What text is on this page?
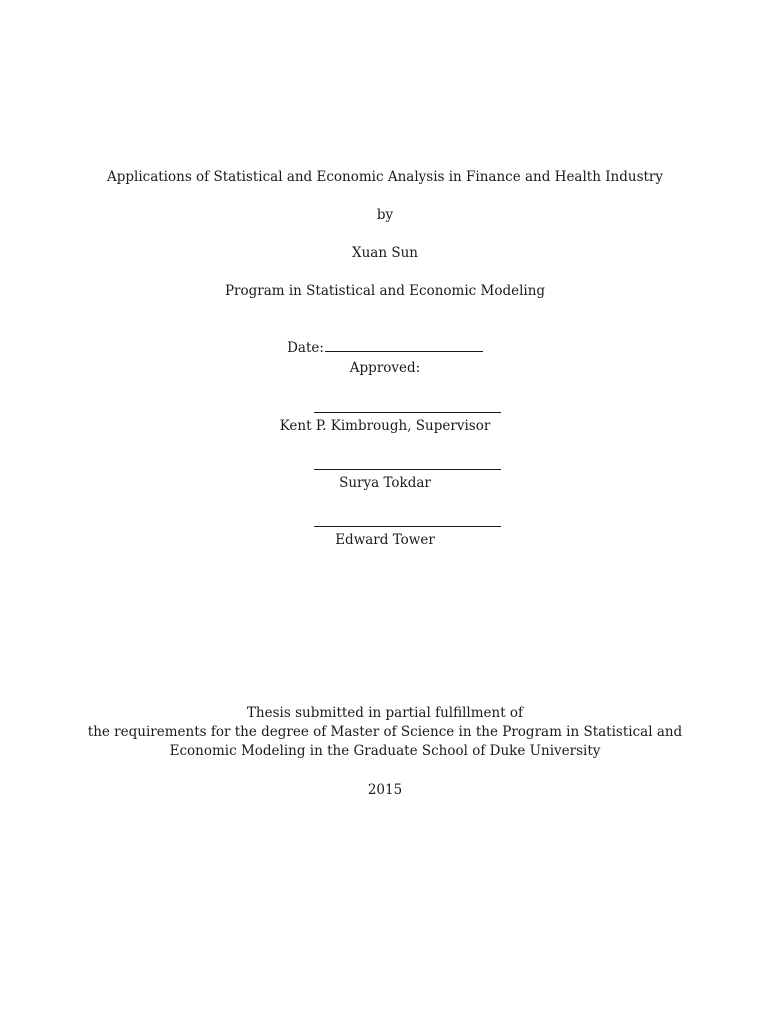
Applications of Statistical and Economic Analysis in Finance and Health Industry
by
Xuan Sun
Program in Statistical and Economic Modeling
Date:
Approved:
Kent P. Kimbrough, Supervisor
Surya Tokdar
Edward Tower
Thesis submitted in partial fulfillment of
the requirements for the degree of Master of Science in the Program in Statistical and
Economic Modeling in the Graduate School of Duke University
2015
